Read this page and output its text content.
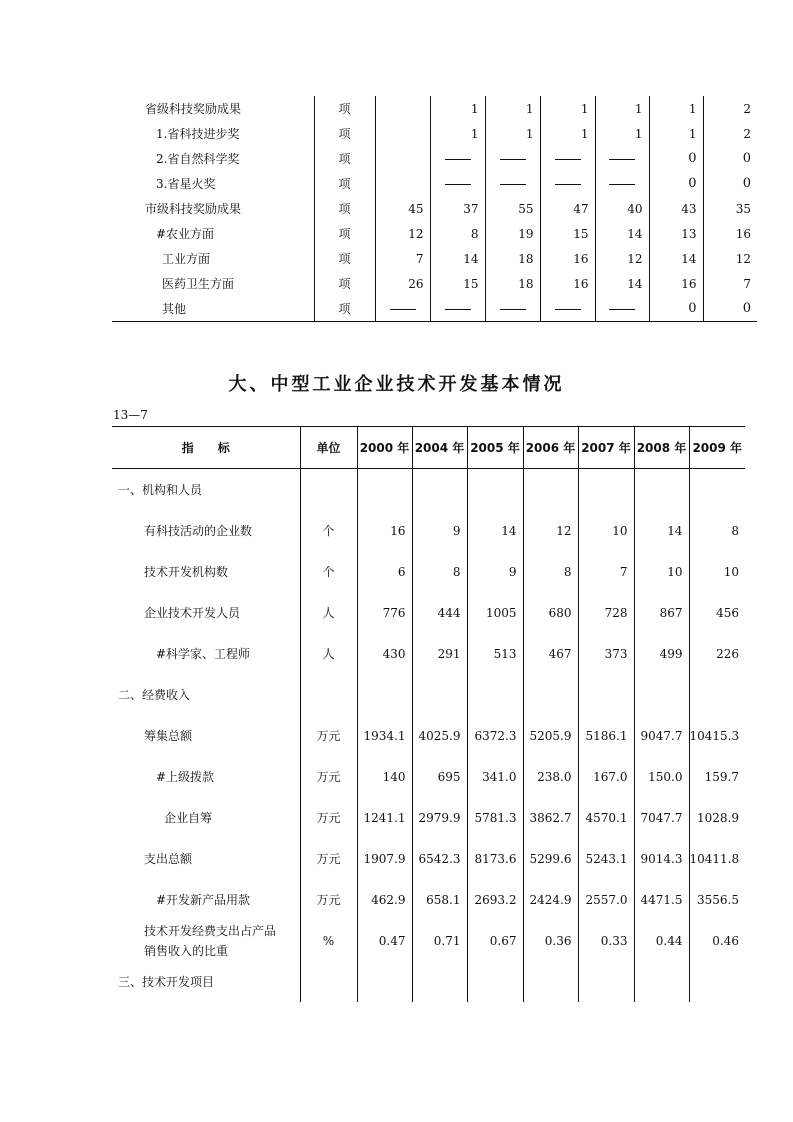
省级科技奖励成果	项		1	1	1	1	1	2
1.省科技进步奖	项		1	1	1	1	1	2
2.省自然科学奖	项						0	0
3.省星火奖	项						0	0
市级科技奖励成果	项	45	37	55	47	40	43	35
#农业方面	项	12	8	19	15	14	13	16
工业方面	项	7	14	18	16	12	14	12
医药卫生方面	项	26	15	18	16	14	16	7
其他	项						0	0
大、中型工业企业技术开发基本情况
13—7
指　　标	单位	2000 年	2004 年	2005 年	2006 年	2007 年	2008 年	2009 年
一、机构和人员								
有科技活动的企业数	个	16	9	14	12	10	14	8
技术开发机构数	个	6	8	9	8	7	10	10
企业技术开发人员	人	776	444	1005	680	728	867	456
#科学家、工程师	人	430	291	513	467	373	499	226
二、经费收入								
筹集总额	万元	1934.1	4025.9	6372.3	5205.9	5186.1	9047.7	10415.3
#上级拨款	万元	140	695	341.0	238.0	167.0	150.0	159.7
企业自筹	万元	1241.1	2979.9	5781.3	3862.7	4570.1	7047.7	1028.9
支出总额	万元	1907.9	6542.3	8173.6	5299.6	5243.1	9014.3	10411.8
#开发新产品用款	万元	462.9	658.1	2693.2	2424.9	2557.0	4471.5	3556.5
技术开发经费支出占产品
销售收入的比重	%	0.47	0.71	0.67	0.36	0.33	0.44	0.46
三、技术开发项目								
